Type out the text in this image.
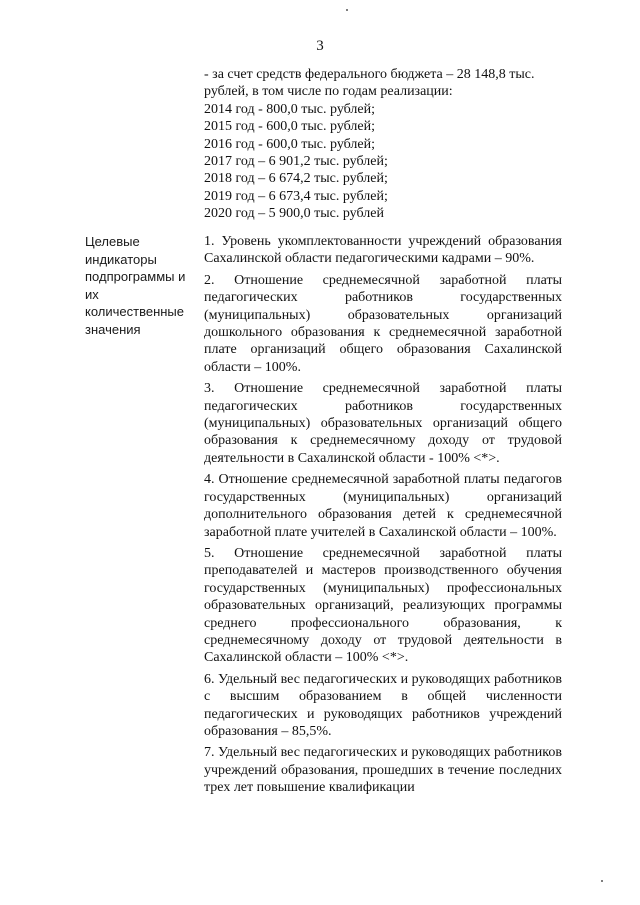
3
- за счет средств федерального бюджета – 28 148,8 тыс. рублей, в том числе по годам реализации:
2014 год - 800,0 тыс. рублей;
2015 год - 600,0 тыс. рублей;
2016 год - 600,0 тыс. рублей;
2017 год – 6 901,2 тыс. рублей;
2018 год – 6 674,2 тыс. рублей;
2019 год – 6 673,4 тыс. рублей;
2020 год – 5 900,0 тыс. рублей
Целевые индикаторы подпрограммы и их количественные значения

1. Уровень укомплектованности учреждений образования Сахалинской области педагогическими кадрами – 90%.

2. Отношение среднемесячной заработной платы педагогических работников государственных (муниципальных) образовательных организаций дошкольного образования к среднемесячной заработной плате организаций общего образования Сахалинской области – 100%.

3. Отношение среднемесячной заработной платы педагогических работников государственных (муниципальных) образовательных организаций общего образования к среднемесячному доходу от трудовой деятельности в Сахалинской области - 100% <*>.

4. Отношение среднемесячной заработной платы педагогов государственных (муниципальных) организаций дополнительного образования детей к среднемесячной заработной плате учителей в Сахалинской области – 100%.

5. Отношение среднемесячной заработной платы преподавателей и мастеров производственного обучения государственных (муниципальных) профессиональных образовательных организаций, реализующих программы среднего профессионального образования, к среднемесячному доходу от трудовой деятельности в Сахалинской области – 100% <*>.

6. Удельный вес педагогических и руководящих работников с высшим образованием в общей численности педагогических и руководящих работников учреждений образования – 85,5%.

7. Удельный вес педагогических и руководящих работников учреждений образования, прошедших в течение последних трех лет повышение квалификации
